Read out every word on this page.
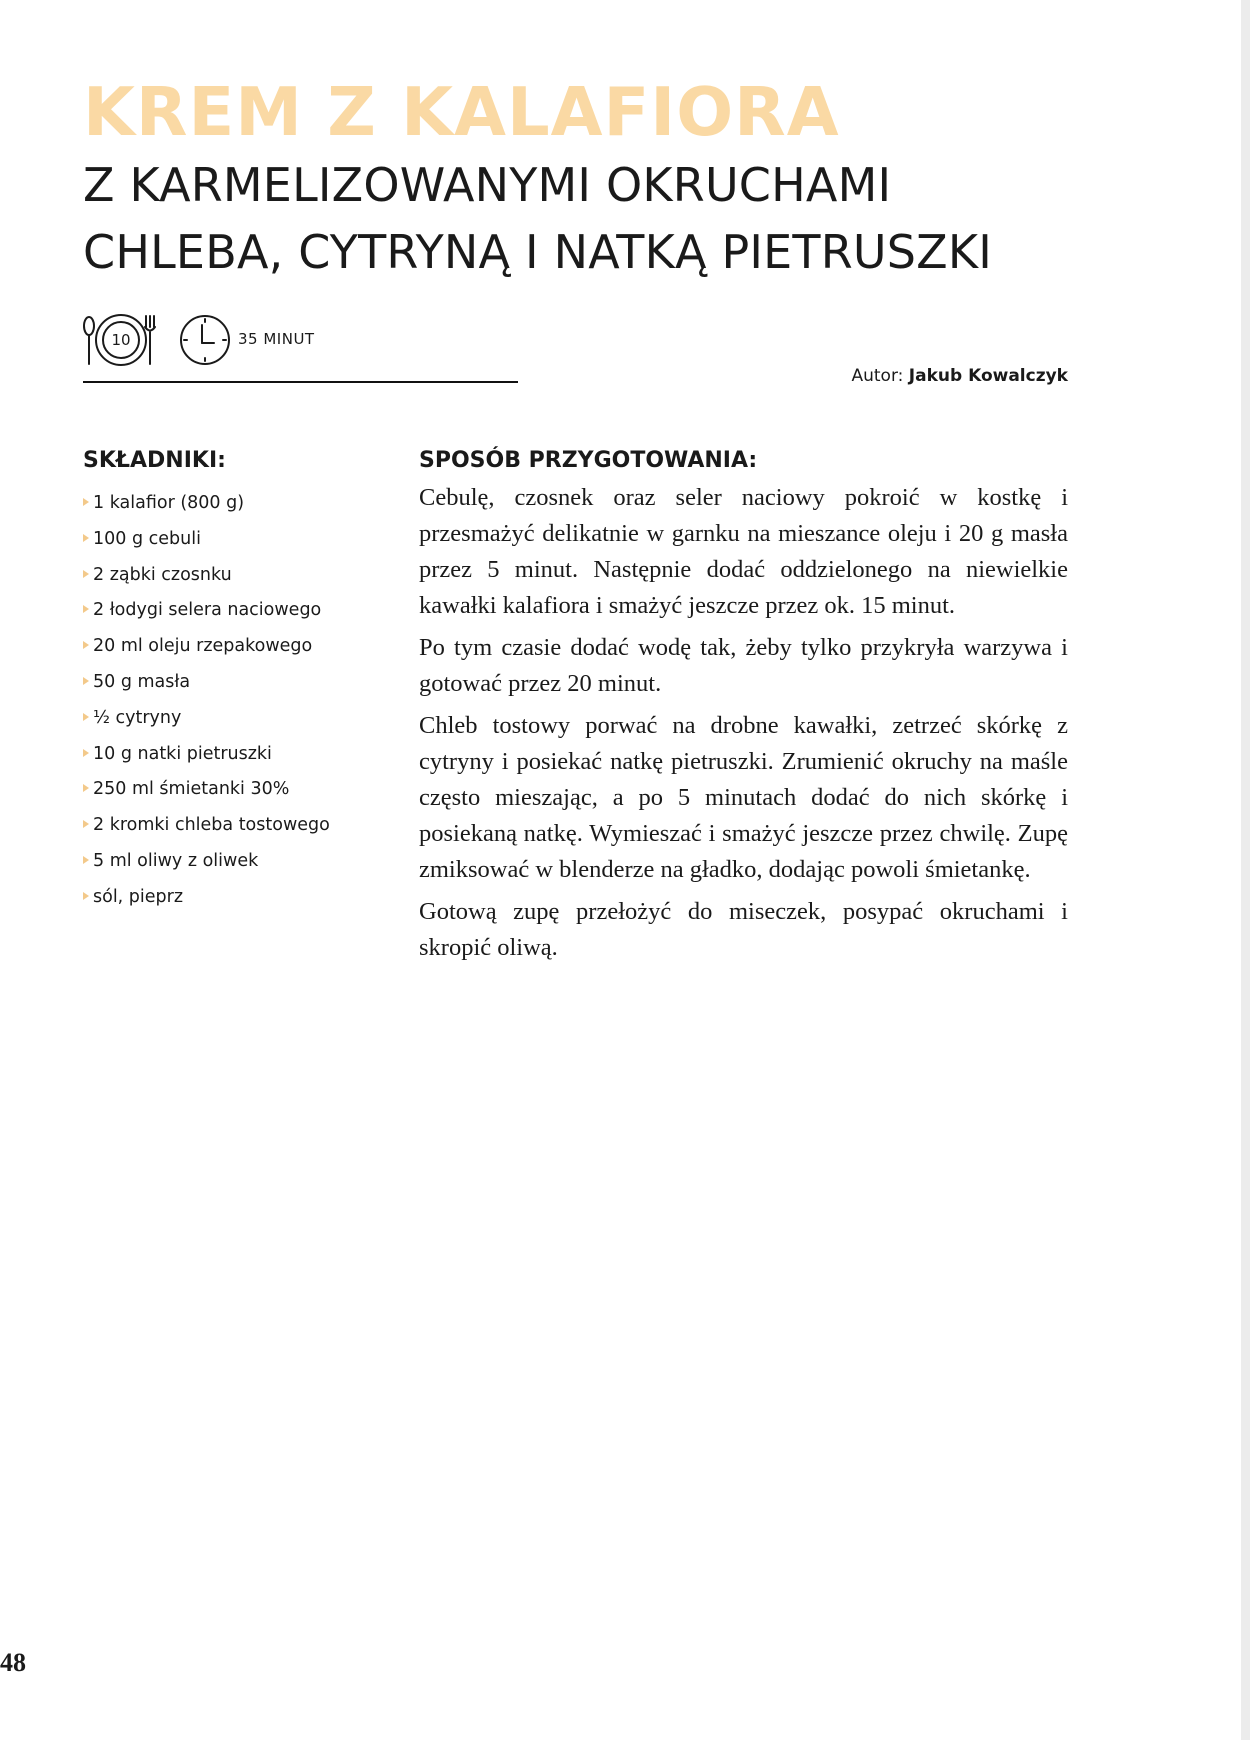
KREM Z KALAFIORA
Z KARMELIZOWANYMI OKRUCHAMI
CHLEBA, CYTRYNĄ I NATKĄ PIETRUSZKI
10	35 MINUT
Autor: Jakub Kowalczyk
SKŁADNIKI:
1 kalafior (800 g)
100 g cebuli
2 ząbki czosnku
2 łodygi selera naciowego
20 ml oleju rzepakowego
50 g masła
½ cytryny
10 g natki pietruszki
250 ml śmietanki 30%
2 kromki chleba tostowego
5 ml oliwy z oliwek
sól, pieprz
SPOSÓB PRZYGOTOWANIA:

Cebulę, czosnek oraz seler naciowy pokroić w kostkę i przesmażyć delikatnie w garnku na mieszance oleju i 20 g masła przez 5 minut. Następnie dodać oddzielonego na niewielkie kawałki kalafiora i smażyć jeszcze przez ok. 15 minut.

Po tym czasie dodać wodę tak, żeby tylko przykryła warzywa i gotować przez 20 minut.

Chleb tostowy porwać na drobne kawałki, zetrzeć skórkę z cytryny i posiekać natkę pietruszki. Zrumienić okruchy na maśle często mieszając, a po 5 minutach dodać do nich skórkę i posiekaną natkę. Wymieszać i smażyć jeszcze przez chwilę. Zupę zmiksować w blenderze na gładko, dodając powoli śmietankę.

Gotową zupę przełożyć do miseczek, posypać okruchami i skropić oliwą.

48
